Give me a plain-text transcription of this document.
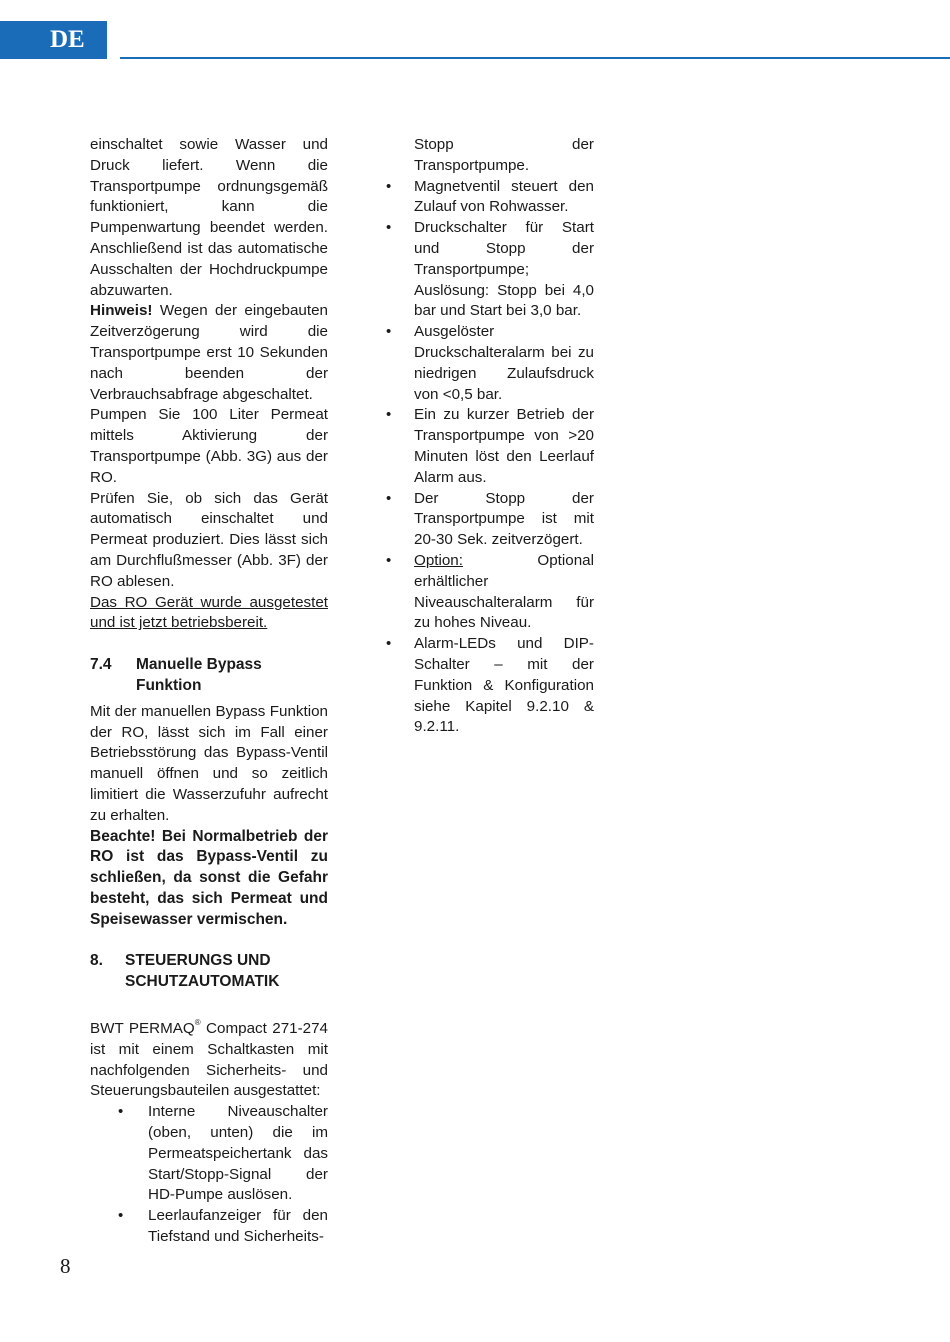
DE

einschaltet sowie Wasser und Druck liefert. Wenn die Transportpumpe ordnungsgemäß funktioniert, kann die Pumpenwartung beendet werden. Anschließend ist das automatische Ausschalten der Hochdruckpumpe abzuwarten.

Hinweis! Wegen der eingebauten Zeitverzögerung wird die Transportpumpe erst 10 Sekunden nach beenden der Verbrauchsabfrage abgeschaltet.

Pumpen Sie 100 Liter Permeat mittels Aktivierung der Transportpumpe (Abb. 3G) aus der RO.

Prüfen Sie, ob sich das Gerät automatisch einschaltet und Permeat produziert. Dies lässt sich am Durchflußmesser (Abb. 3F) der RO ablesen.

Das RO Gerät wurde ausgetestet und ist jetzt betriebsbereit.

7.4	Manuelle Bypass Funktion

Mit der manuellen Bypass Funktion der RO, lässt sich im Fall einer Betriebsstörung das Bypass-Ventil manuell öffnen und so zeitlich limitiert die Wasserzufuhr aufrecht zu erhalten.

Beachte! Bei Normalbetrieb der RO ist das Bypass-Ventil zu schließen, da sonst die Gefahr besteht, das sich Permeat und Speisewasser vermischen.

8.	STEUERUNGS UND SCHUTZAUTOMATIK

BWT PERMAQ® Compact 271-274 ist mit einem Schaltkasten mit nachfolgenden Sicherheits- und Steuerungsbauteilen ausgestattet:

• Interne Niveauschalter (oben, unten) die im Permeatspeichertank das Start/Stopp-Signal der HD-Pumpe auslösen.
• Leerlaufanzeiger für den Tiefstand und Sicherheits-

Stopp der Transportpumpe.

• Magnetventil steuert den Zulauf von Rohwasser.
• Druckschalter für Start und Stopp der Transportpumpe; Auslösung: Stopp bei 4,0 bar und Start bei 3,0 bar.
• Ausgelöster Druckschalteralarm bei zu niedrigen Zulaufsdruck von <0,5 bar.
• Ein zu kurzer Betrieb der Transportpumpe von >20 Minuten löst den Leerlauf Alarm aus.
• Der Stopp der Transportpumpe ist mit 20-30 Sek. zeitverzögert.
• Option: Optional erhältlicher Niveauschalteralarm für zu hohes Niveau.
• Alarm-LEDs und DIP-Schalter – mit der Funktion & Konfiguration siehe Kapitel 9.2.10 & 9.2.11.
8
